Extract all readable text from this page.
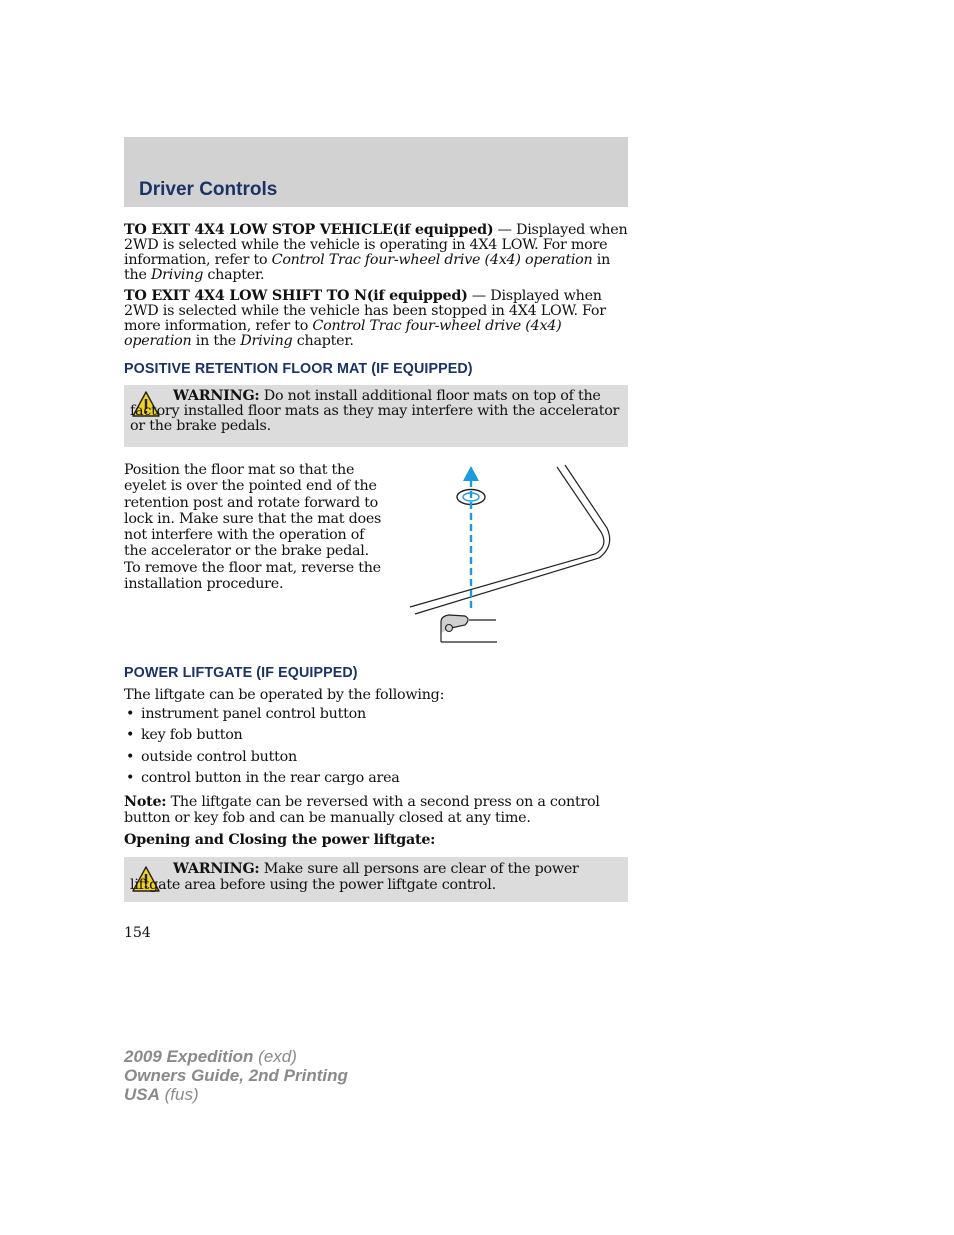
Driver Controls

TO EXIT 4X4 LOW STOP VEHICLE(if equipped) — Displayed when 2WD is selected while the vehicle is operating in 4X4 LOW. For more information, refer to Control Trac four-wheel drive (4x4) operation in the Driving chapter.

TO EXIT 4X4 LOW SHIFT TO N(if equipped) — Displayed when 2WD is selected while the vehicle has been stopped in 4X4 LOW. For more information, refer to Control Trac four-wheel drive (4x4) operation in the Driving chapter.

POSITIVE RETENTION FLOOR MAT (IF EQUIPPED)

WARNING: Do not install additional floor mats on top of the factory installed floor mats as they may interfere with the accelerator or the brake pedals.

Position the floor mat so that the
eyelet is over the pointed end of the
retention post and rotate forward to
lock in. Make sure that the mat does
not interfere with the operation of
the accelerator or the brake pedal.
To remove the floor mat, reverse the
installation procedure.
POWER LIFTGATE (IF EQUIPPED)

The liftgate can be operated by the following:

• instrument panel control button
• key fob button
• outside control button
• control button in the rear cargo area

Note: The liftgate can be reversed with a second press on a control button or key fob and can be manually closed at any time.

Opening and Closing the power liftgate:

WARNING: Make sure all persons are clear of the power liftgate area before using the power liftgate control.

154

2009 Expedition (exd)
Owners Guide, 2nd Printing
USA (fus)
